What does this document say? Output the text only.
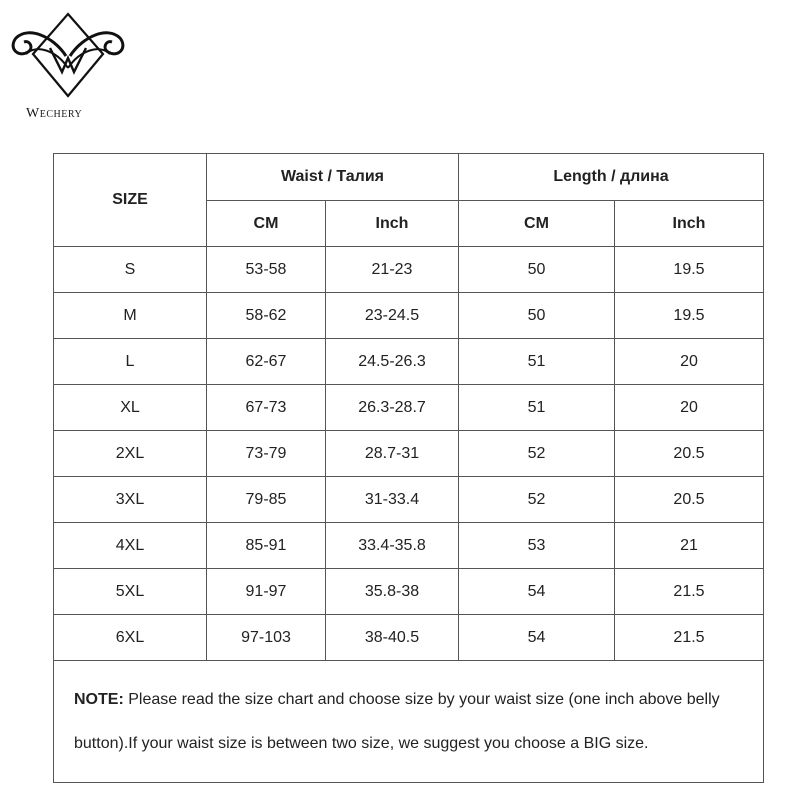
Wechery
SIZE	Waist / Талия		Length / длина	
	CM	Inch	CM	Inch
S	53-58	21-23	50	19.5
M	58-62	23-24.5	50	19.5
L	62-67	24.5-26.3	51	20
XL	67-73	26.3-28.7	51	20
2XL	73-79	28.7-31	52	20.5
3XL	79-85	31-33.4	52	20.5
4XL	85-91	33.4-35.8	53	21
5XL	91-97	35.8-38	54	21.5
6XL	97-103	38-40.5	54	21.5
NOTE: Please read the size chart and choose size by your waist size (one inch above belly button).If your waist size is between two size, we suggest you choose a BIG size.				
